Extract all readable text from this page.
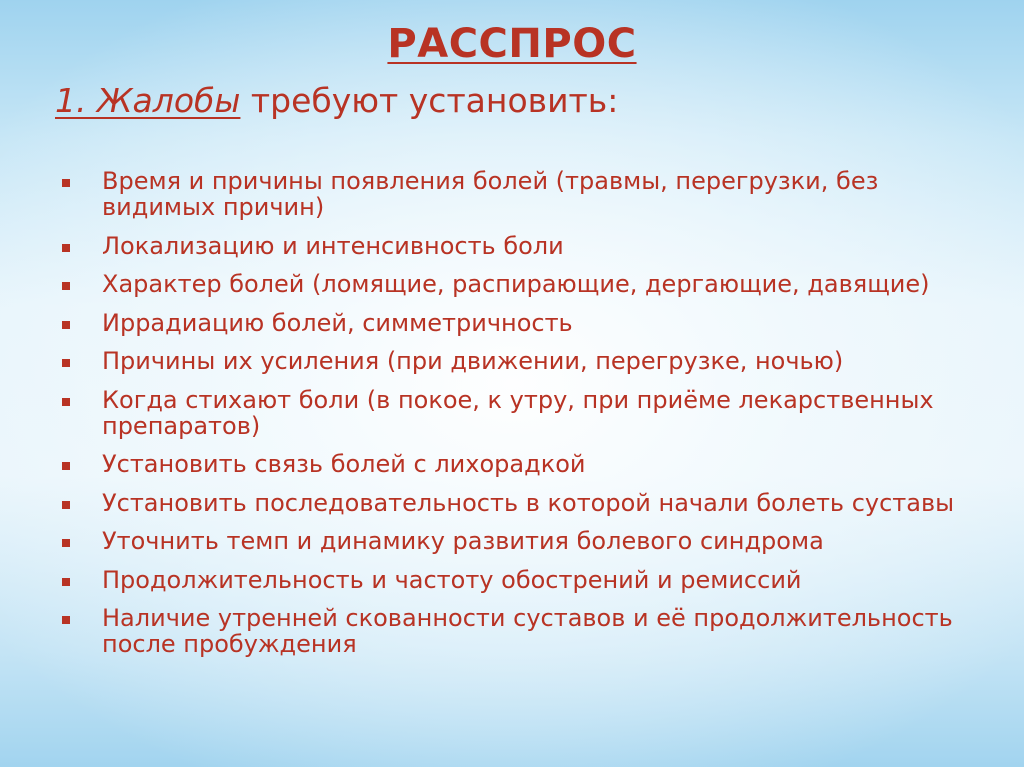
РАССПРОС
1. Жалобы требуют установить:
Время и причины появления болей (травмы, перегрузки, без видимых причин)
Локализацию и интенсивность боли
Характер болей (ломящие, распирающие, дергающие, давящие)
Иррадиацию болей, симметричность
Причины их усиления (при движении, перегрузке, ночью)
Когда стихают боли (в покое, к утру, при приёме лекарственных препаратов)
Установить связь болей с лихорадкой
Установить последовательность в которой начали болеть суставы
Уточнить темп и динамику развития болевого синдрома
Продолжительность и частоту обострений и ремиссий
Наличие утренней скованности суставов и её продолжительность после пробуждения
